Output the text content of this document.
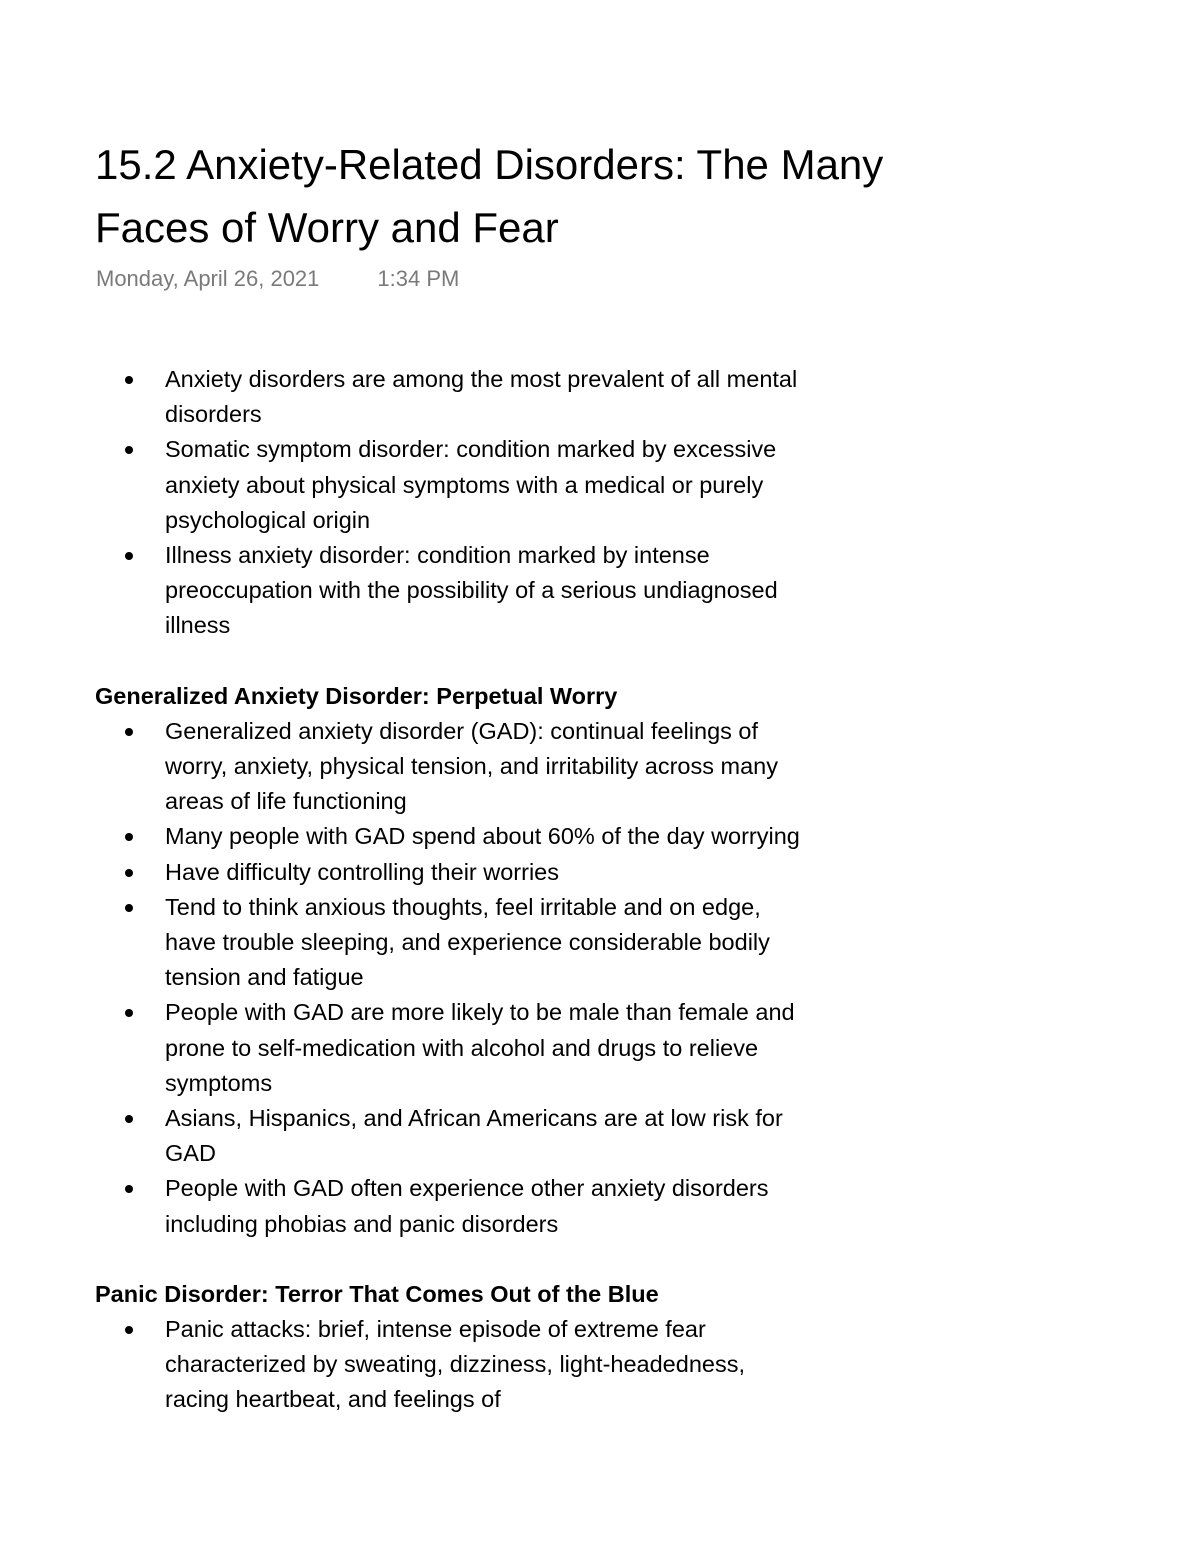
15.2 Anxiety-Related Disorders: The Many Faces of Worry and Fear
Monday, April 26, 2021	1:34 PM
Anxiety disorders are among the most prevalent of all mental disorders
Somatic symptom disorder: condition marked by excessive anxiety about physical symptoms with a medical or purely psychological origin
Illness anxiety disorder: condition marked by intense preoccupation with the possibility of a serious undiagnosed illness

Generalized Anxiety Disorder: Perpetual Worry

Generalized anxiety disorder (GAD): continual feelings of worry, anxiety, physical tension, and irritability across many areas of life functioning
Many people with GAD spend about 60% of the day worrying
Have difficulty controlling their worries
Tend to think anxious thoughts, feel irritable and on edge, have trouble sleeping, and experience considerable bodily tension and fatigue
People with GAD are more likely to be male than female and prone to self-medication with alcohol and drugs to relieve symptoms
Asians, Hispanics, and African Americans are at low risk for GAD
People with GAD often experience other anxiety disorders including phobias and panic disorders

Panic Disorder: Terror That Comes Out of the Blue

Panic attacks: brief, intense episode of extreme fear characterized by sweating, dizziness, light-headedness, racing heartbeat, and feelings of
